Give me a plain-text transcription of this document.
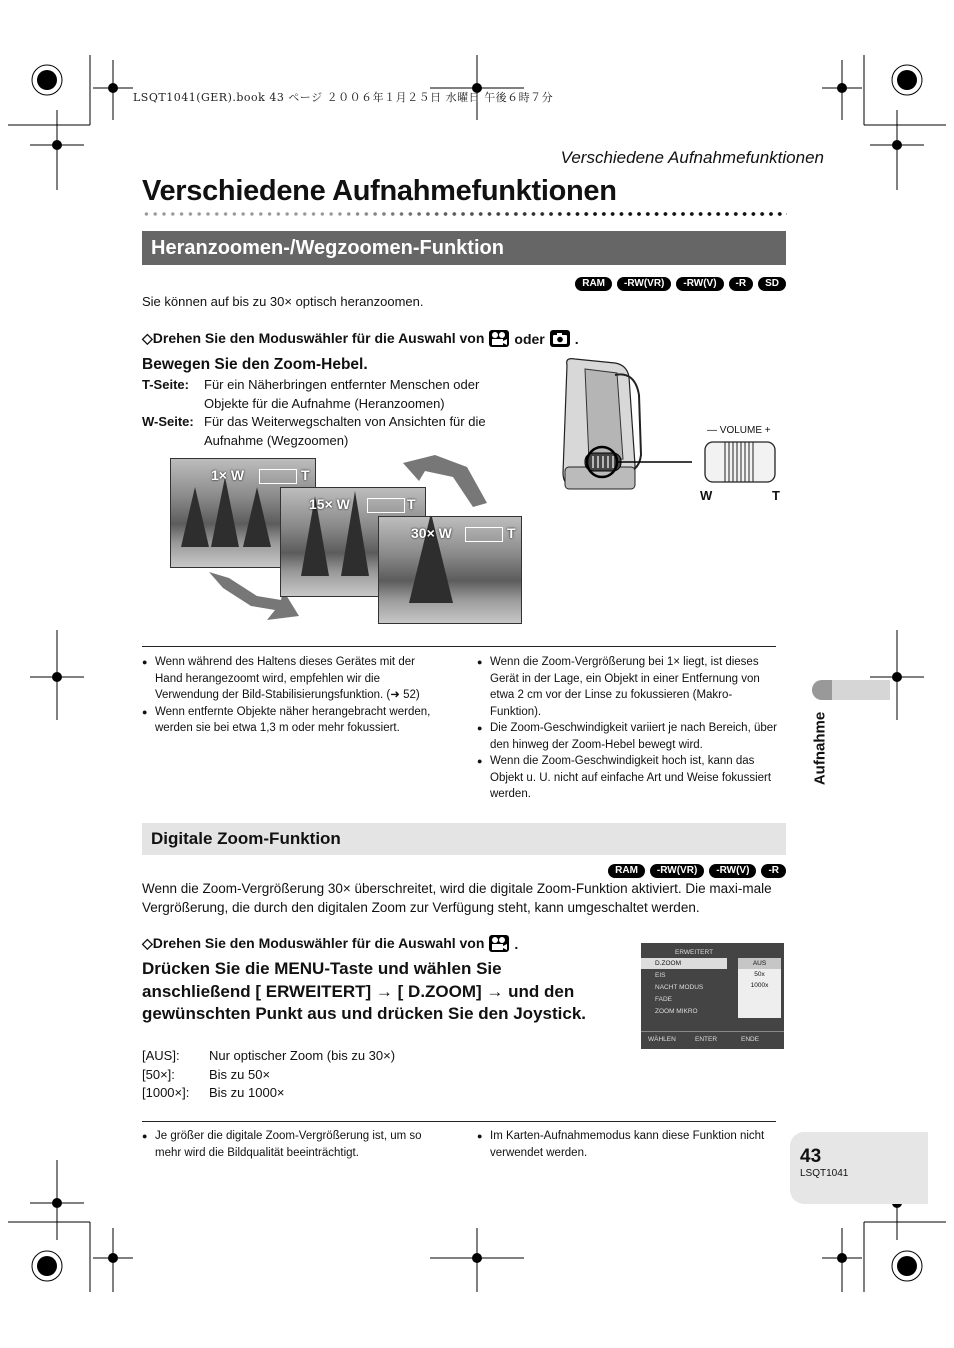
LSQT1041(GER).book 43 ページ ２００６年１月２５日 水曜日 午後６時７分
Verschiedene Aufnahmefunktionen
Verschiedene Aufnahmefunktionen
Heranzoomen-/Wegzoomen-Funktion
RAM	-RW(VR)	-RW(V)	-R	SD
Sie können auf bis zu 30× optisch heranzoomen.
◇Drehen Sie den Moduswähler für die Auswahl von oder .
Bewegen Sie den Zoom-Hebel.
T-Seite: Für ein Näherbringen entfernter Menschen oder Objekte für die Aufnahme (Heranzoomen)
W-Seite: Für das Weiterwegschalten von Ansichten für die Aufnahme (Wegzoomen)
— VOLUME +
W	T
1× W	T
15× W	T
30× W	T
● Wenn während des Haltens dieses Gerätes mit der Hand herangezoomt wird, empfehlen wir die Verwendung der Bild-Stabilisierungsfunktion. (➜ 52)
● Wenn entfernte Objekte näher herangebracht werden, werden sie bei etwa 1,3 m oder mehr fokussiert.
● Wenn die Zoom-Vergrößerung bei 1× liegt, ist dieses Gerät in der Lage, ein Objekt in einer Entfernung von etwa 2 cm vor der Linse zu fokussieren (Makro-Funktion).
● Die Zoom-Geschwindigkeit variiert je nach Bereich, über den hinweg der Zoom-Hebel bewegt wird.
● Wenn die Zoom-Geschwindigkeit hoch ist, kann das Objekt u. U. nicht auf einfache Art und Weise fokussiert werden.
Digitale Zoom-Funktion
RAM	-RW(VR)	-RW(V)	-R
Wenn die Zoom-Vergrößerung 30× überschreitet, wird die digitale Zoom-Funktion aktiviert. Die maxi-male Vergrößerung, die durch den digitalen Zoom zur Verfügung steht, kann umgeschaltet werden.
◇Drehen Sie den Moduswähler für die Auswahl von .
Drücken Sie die MENU-Taste und wählen Sie anschließend [ ERWEITERT] → [ D.ZOOM] → und den gewünschten Punkt aus und drücken Sie den Joystick.
[AUS]: Nur optischer Zoom (bis zu 30×)
[50×]:	Bis zu 50×
[1000×]: Bis zu 1000×
ERWEITERT
D.ZOOM
EIS
NACHT MODUS
FADE
ZOOM MIKRO
AUS
50x
1000x
WÄHLEN	ENTER	ENDE
● Je größer die digitale Zoom-Vergrößerung ist, um so mehr wird die Bildqualität beeinträchtigt.
● Im Karten-Aufnahmemodus kann diese Funktion nicht verwendet werden.
Aufnahme
43
LSQT1041
